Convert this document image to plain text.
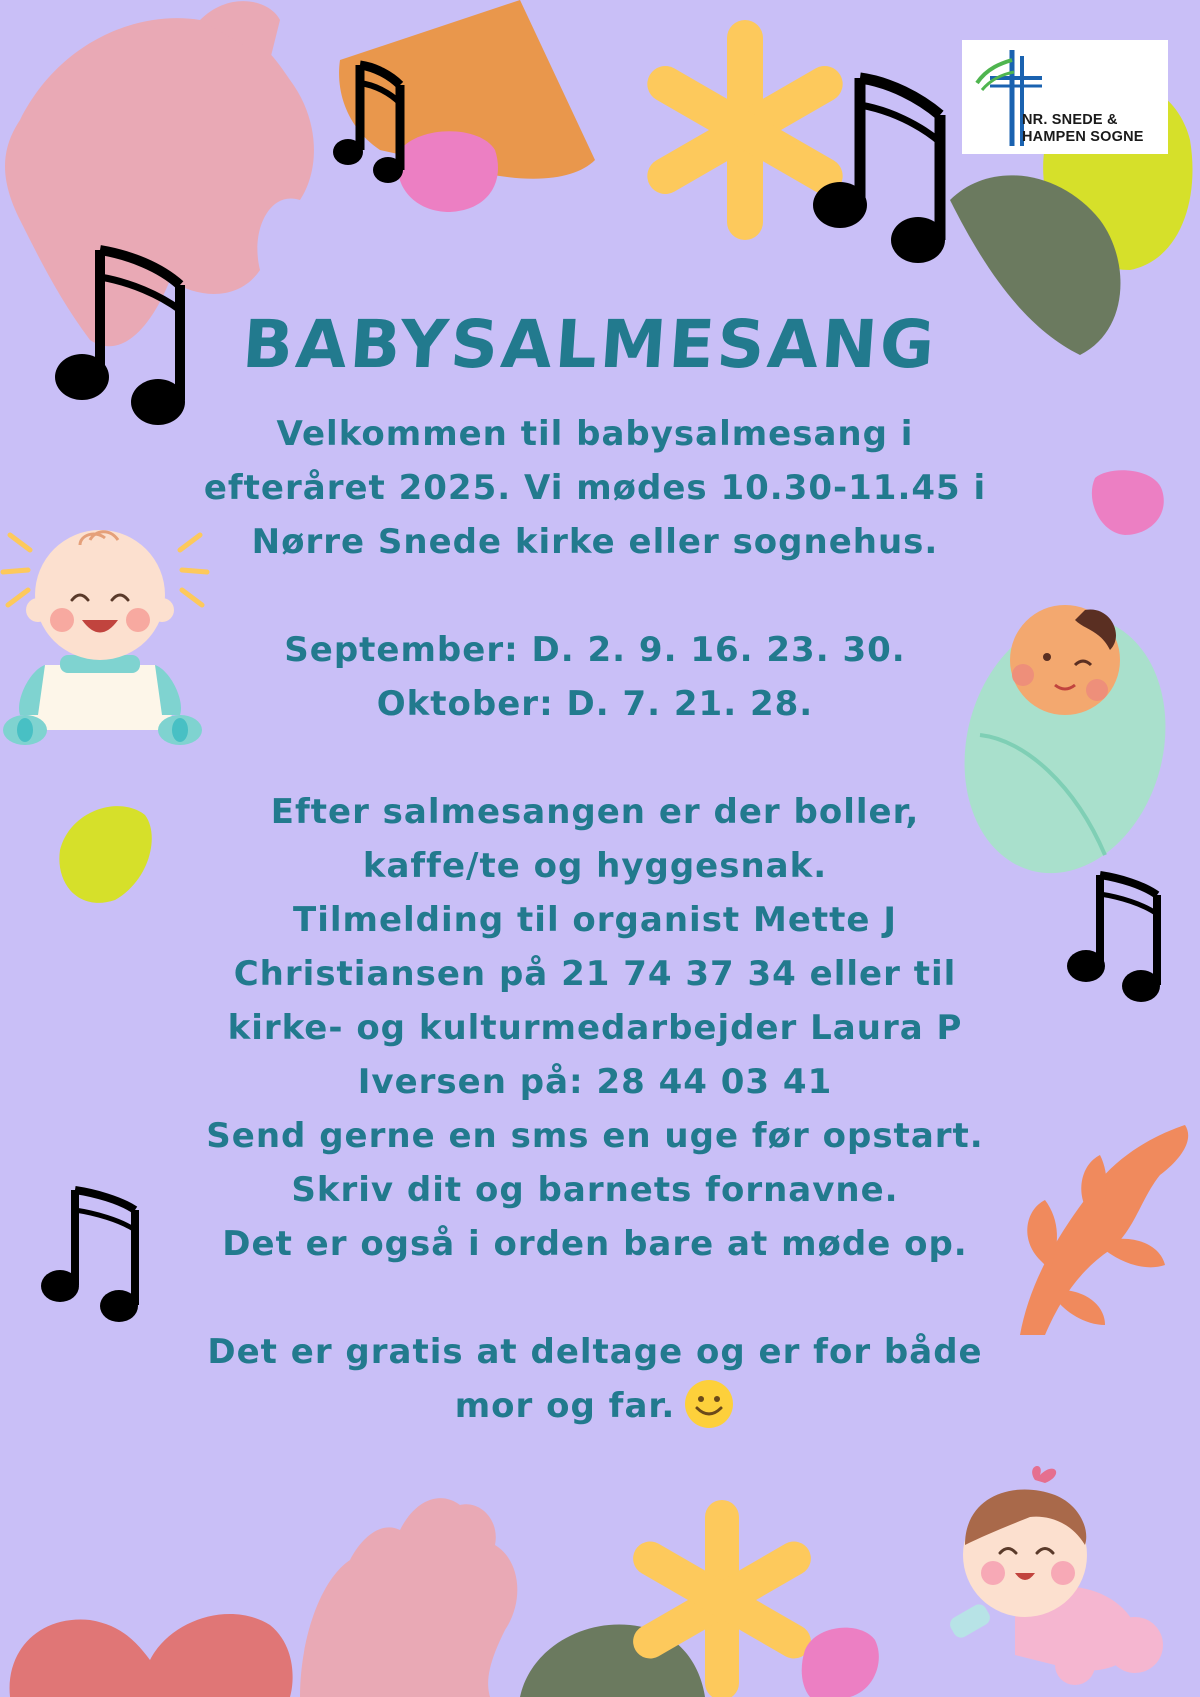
NR. SNEDE &
HAMPEN SOGNE
BABYSALMESANG
Velkommen til babysalmesang i
efteråret 2025. Vi mødes 10.30-11.45 i
Nørre Snede kirke eller sognehus.
September: D. 2. 9. 16. 23. 30.
Oktober: D. 7. 21. 28.
Efter salmesangen er der boller,
kaffe/te og hyggesnak.
Tilmelding til organist Mette J
Christiansen på 21 74 37 34 eller til
kirke- og kulturmedarbejder Laura P
Iversen på: 28 44 03 41
Send gerne en sms en uge før opstart.
Skriv dit og barnets fornavne.
Det er også i orden bare at møde op.
Det er gratis at deltage og er for både
mor og far.
